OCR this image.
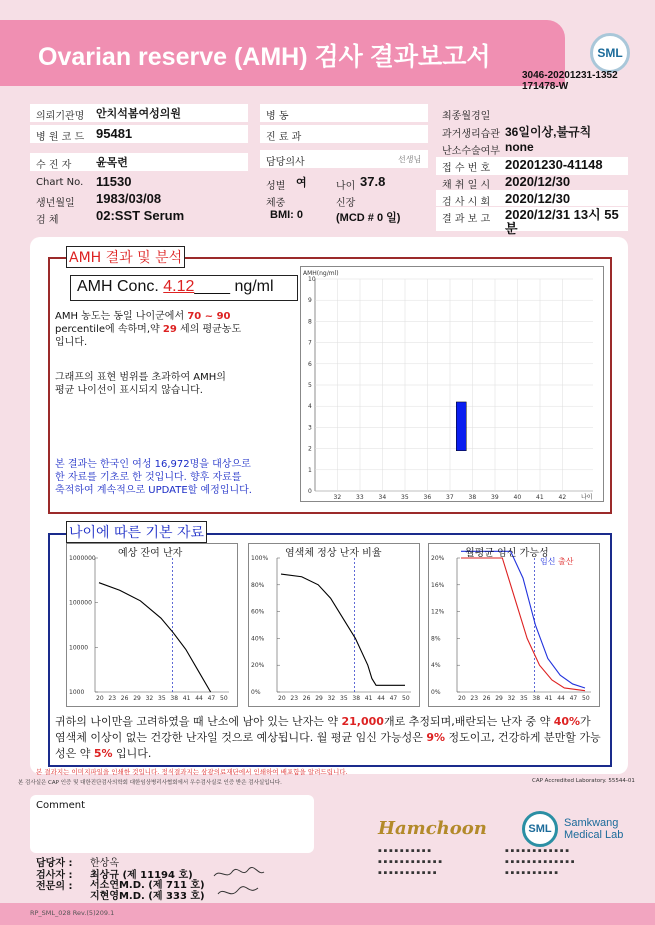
Ovarian reserve (AMH) 검사 결과보고서	SML
3046-20201231-1352
171478-W
의뢰기관명 안치석봄여성의원
병 원 코 드 95481
수 진 자 윤목련
Chart No. 11530
생년월일 1983/03/08
검 체	02:SST Serum
병 동
진 료 과
담당의사	선생님
성별 여	나이 37.8
체중	신장
BMI: 0	(MCD # 0 일)
최종월경일
과거생리습관 36일이상,불규칙
난소수술여부 none
접 수 번 호 20201230-41148
채 취 일 시 2020/12/30
검 사 시 회 2020/12/30
결 과 보 고 2020/12/31 13시 55
분
AMH 결과 및 분석
AMH Conc. 4.12____ ng/ml
AMH 농도는 동일 나이군에서 70 ~ 90
percentile에 속하며,약 29 세의 평균농도
입니다.
그래프의 표현 범위를 초과하여 AMH의
평균 나이선이 표시되지 않습니다.
본 결과는 한국인 여성 16,972명을 대상으로
한 자료를 기초로 한 것입니다. 향후 자료를
축적하여 계속적으로 UPDATE할 예정입니다.
AMH(ng/ml)
0
1
2
3
4
5
6
7
8
9
10
32 33 34 35 36 37 38 39 40 41 42 나이
나이에 따른 기본 자료
20 23 26 29 32 35 38 41 44 47 50
1000000
100000
10000
1000
예상 잔여 난자
20 23 26 29 32 35 38 41 44 47 50
100%
80%
60%
40%
20%
0%
염색체 정상 난자 비율
20 23 26 29 32 35 38 41 44 47 50
20%
16%
12%
8%
4%
0%
월평균 임신 가능성
임신 출산
귀하의 나이만을 고려하였을 때 난소에 남아 있는 난자는 약 21,000개로 추정되며,배란되는 난자 중 약 40%가 염색체 이상이 없는 건강한 난자일 것으로 예상됩니다. 월 평균 임신 가능성은 9% 정도이고, 건강하게 분만할 가능성은 약 5% 입니다.
본 결과지는 이미지파일을 인쇄한 것입니다. 정식결과지는 삼광의료재단에서 인쇄하여 배포함을 알려드립니다.
본 검사실은 CAP 인증 및 대한진단검사의학회 대한임상병리사협회에서 우수검사실로 인증 받은 검사실입니다.	CAP Accredited Laboratory. 55544-01
Comment
담당자 : 한상옥
검사자 : 최상규 (제 11194 호)
전문의 : 서소연M.D. (제 711 호)
지현영M.D. (제 333 호)
Hamchoon
▪ ▪ ▪ ▪ ▪ ▪ ▪ ▪ ▪ ▪
▪ ▪ ▪ ▪ ▪ ▪ ▪ ▪ ▪ ▪ ▪ ▪
▪ ▪ ▪ ▪ ▪ ▪ ▪ ▪ ▪ ▪ ▪
SML	Samkwang
Medical Lab
▪ ▪ ▪ ▪ ▪ ▪ ▪ ▪ ▪ ▪ ▪ ▪
▪ ▪ ▪ ▪ ▪ ▪ ▪ ▪ ▪ ▪ ▪ ▪ ▪
▪ ▪ ▪ ▪ ▪ ▪ ▪ ▪ ▪ ▪
RP_SML_028 Rev.(5)209.1
